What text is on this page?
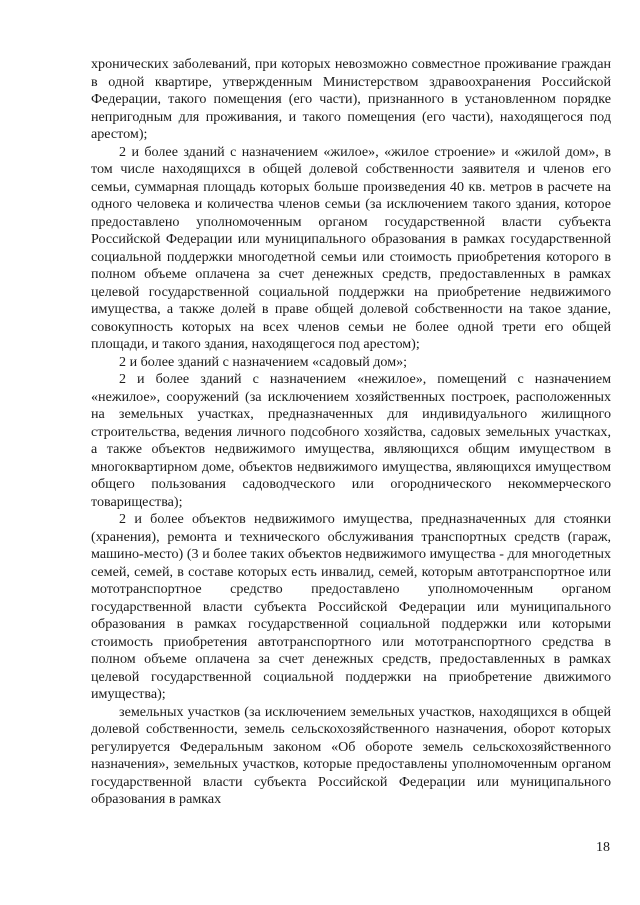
хронических заболеваний, при которых невозможно совместное проживание граждан в одной квартире, утвержденным Министерством здравоохранения Российской Федерации, такого помещения (его части), признанного в установленном порядке непригодным для проживания, и такого помещения (его части), находящегося под арестом);

2 и более зданий с назначением «жилое», «жилое строение» и «жилой дом», в том числе находящихся в общей долевой собственности заявителя и членов его семьи, суммарная площадь которых больше произведения 40 кв. метров в расчете на одного человека и количества членов семьи (за исключением такого здания, которое предоставлено уполномоченным органом государственной власти субъекта Российской Федерации или муниципального образования в рамках государственной социальной поддержки многодетной семьи или стоимость приобретения которого в полном объеме оплачена за счет денежных средств, предоставленных в рамках целевой государственной социальной поддержки на приобретение недвижимого имущества, а также долей в праве общей долевой собственности на такое здание, совокупность которых на всех членов семьи не более одной трети его общей площади, и такого здания, находящегося под арестом);

2 и более зданий с назначением «садовый дом»;

2 и более зданий с назначением «нежилое», помещений с назначением «нежилое», сооружений (за исключением хозяйственных построек, расположенных на земельных участках, предназначенных для индивидуального жилищного строительства, ведения личного подсобного хозяйства, садовых земельных участках, а также объектов недвижимого имущества, являющихся общим имуществом в многоквартирном доме, объектов недвижимого имущества, являющихся имуществом общего пользования садоводческого или огороднического некоммерческого товарищества);

2 и более объектов недвижимого имущества, предназначенных для стоянки (хранения), ремонта и технического обслуживания транспортных средств (гараж, машино-место) (3 и более таких объектов недвижимого имущества - для многодетных семей, семей, в составе которых есть инвалид, семей, которым автотранспортное или мототранспортное средство предоставлено уполномоченным органом государственной власти субъекта Российской Федерации или муниципального образования в рамках государственной социальной поддержки или которыми стоимость приобретения автотранспортного или мототранспортного средства в полном объеме оплачена за счет денежных средств, предоставленных в рамках целевой государственной социальной поддержки на приобретение движимого имущества);

земельных участков (за исключением земельных участков, находящихся в общей долевой собственности, земель сельскохозяйственного назначения, оборот которых регулируется Федеральным законом «Об обороте земель сельскохозяйственного назначения», земельных участков, которые предоставлены уполномоченным органом государственной власти субъекта Российской Федерации или муниципального образования в рамках

18
